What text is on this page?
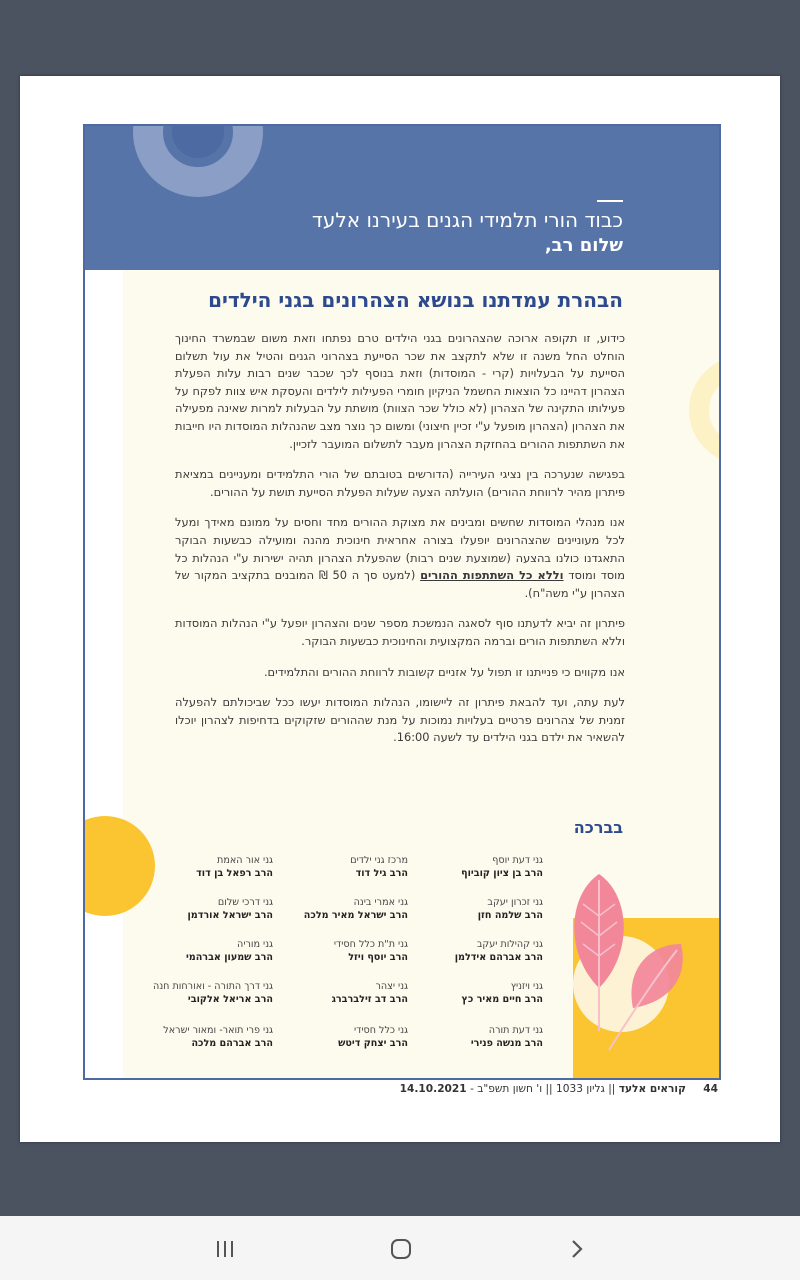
כבוד הורי תלמידי הגנים בעירנו אלעד
שלום רב,
הבהרת עמדתנו בנושא הצהרונים בגני הילדים

כידוע, זו תקופה ארוכה שהצהרונים בגני הילדים טרם נפתחו וזאת משום שבמשרד החינוך הוחלט החל משנה זו שלא לתקצב את שכר הסייעת בצהרוני הגנים והטיל את עול תשלום הסייעת על הבעלויות (קרי - המוסדות) וזאת בנוסף לכך שכבר שנים רבות עלות הפעלת הצהרון דהיינו כל הוצאות החשמל הניקיון חומרי הפעילות לילדים והעסקת איש צוות לפקח על פעילותו התקינה של הצהרון (לא כולל שכר הצוות) מושתת על הבעלות למרות שאינה מפעילה את הצהרון (הצהרון מופעל ע"י זכיין חיצוני) ומשום כך נוצר מצב שהנהלות המוסדות היו חייבות את השתתפות ההורים בהחזקת הצהרון מעבר לתשלום המועבר לזכיין.

בפגישה שנערכה בין נציגי העירייה (הדורשים בטובתם של הורי התלמידים ומעניינים במציאת פיתרון מהיר לרווחת ההורים) הועלתה הצעה שעלות הפעלת הסייעת תושת על ההורים.

אנו מנהלי המוסדות שחשים ומבינים את מצוקת ההורים מחד וחסים על ממונם מאידך ומעל לכל מעוניינים שהצהרונים יופעלו בצורה אחראית חינוכית מהנה ומועילה כבשעות הבוקר התאגדנו כולנו בהצעה (שמוצעת שנים רבות) שהפעלת הצהרון תהיה ישירות ע"י הנהלות כל מוסד ומוסד וללא כל השתתפות ההורים (למעט סך ה 50 ₪ המובנים בתקציב המקור של הצהרון ע"י משה"ח).

פיתרון זה יביא לדעתנו סוף לסאגה הנמשכת מספר שנים והצהרון יופעל ע"י הנהלות המוסדות וללא השתתפות הורים וברמה המקצועית והחינוכית כבשעות הבוקר.

אנו מקווים כי פנייתנו זו תפול על אזניים קשובות לרווחת ההורים והתלמידים.

לעת עתה, ועד להבאת פיתרון זה ליישומו, הנהלות המוסדות יעשו ככל שביכולתם להפעלה זמנית של צהרונים פרטיים בעלויות נמוכות על מנת שההורים שזקוקים בדחיפות לצהרון יוכלו להשאיר את ילדם בגני הילדים עד לשעה 16:00.

בברכה
גני דעת יוסף
הרב בן ציון קוביוף
מרכז גני ילדים
הרב גיל דוד
גני אור האמת
הרב רפאל בן דוד
גני זכרון יעקב
הרב שלמה חזן
גני אמרי בינה
הרב ישראל מאיר מלכה
גני דרכי שלום
הרב ישראל אורדמן
גני קהילות יעקב
הרב אברהם אידלמן
גני ת"ת כלל חסידי
הרב יוסף ויזל
גני מוריה
הרב שמעון אברהמי
גני ויזניץ
הרב חיים מאיר כץ
גני יצהר
הרב דב זילברברג
גני דרך התורה - ואורחות חנה
הרב אריאל אלקובי
גני דעת תורה
הרב מנשה פנירי
גני כלל חסידי
הרב יצחק דיטש
גני פרי תואר- ומאור ישראל
הרב אברהם מלכה
44 קוראים אלעד || גליון 1033 || ו' חשון תשפ"ב - 14.10.2021
